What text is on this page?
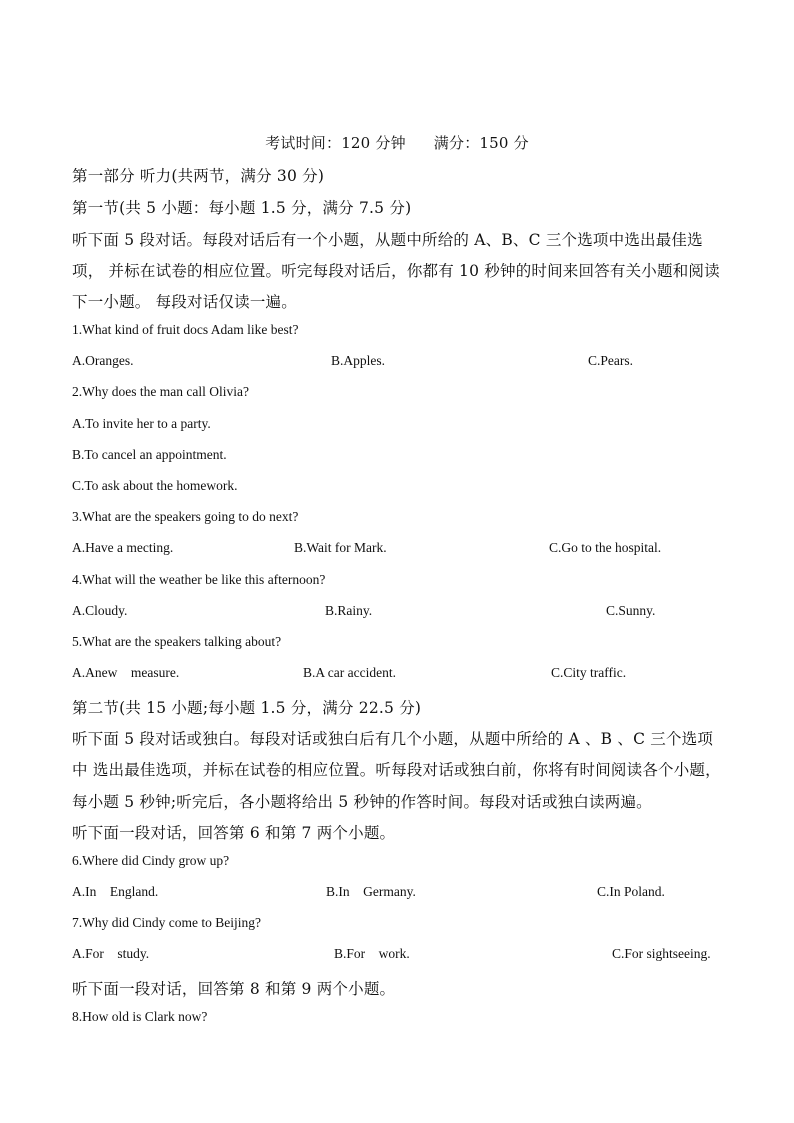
考试时间：120 分钟 满分：150 分
第一部分 听力(共两节，满分 30 分)
第一节(共 5 小题：每小题 1.5 分，满分 7.5 分)
听下面 5 段对话。每段对话后有一个小题，从题中所给的 A、B、C 三个选项中选出最佳选
项， 并标在试卷的相应位置。听完每段对话后，你都有 10 秒钟的时间来回答有关小题和阅读
下一小题。 每段对话仅读一遍。
1.What kind of fruit docs Adam like best?
A.Oranges.	B.Apples.	C.Pears.
2.Why does the man call Olivia?
A.To invite her to a party.
B.To cancel an appointment.
C.To ask about the homework.
3.What are the speakers going to do next?
A.Have a mecting.	B.Wait for Mark.	C.Go to the hospital.
4.What will the weather be like this afternoon?
A.Cloudy.	B.Rainy.	C.Sunny.
5.What are the speakers talking about?
A.Anew    measure.	B.A car accident.	C.City traffic.
第二节(共 15 小题;每小题 1.5 分，满分 22.5 分)
听下面 5 段对话或独白。每段对话或独白后有几个小题，从题中所给的 A 、B 、C 三个选项
中 选出最佳选项，并标在试卷的相应位置。听每段对话或独白前，你将有时间阅读各个小题，
每小题 5 秒钟;听完后，各小题将给出 5 秒钟的作答时间。每段对话或独白读两遍。
听下面一段对话，回答第 6 和第 7 两个小题。
6.Where did Cindy grow up?
A.In    England.	B.In    Germany.	C.In Poland.
7.Why did Cindy come to Beijing?
A.For    study.	B.For    work.	C.For sightseeing.
听下面一段对话，回答第 8 和第 9 两个小题。
8.How old is Clark now?
